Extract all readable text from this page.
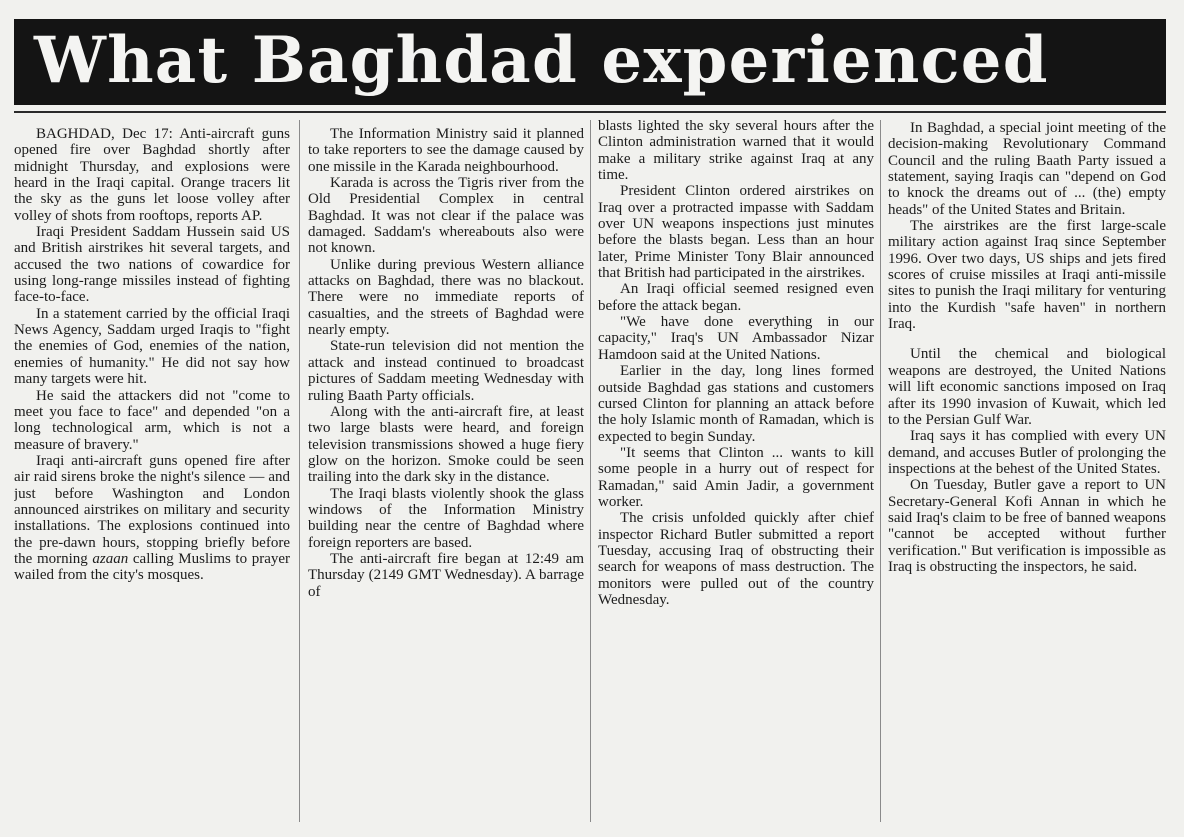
What Baghdad experienced

BAGHDAD, Dec 17: Anti-aircraft guns opened fire over Baghdad shortly after midnight Thursday, and explosions were heard in the Iraqi capital. Orange tracers lit the sky as the guns let loose volley after volley of shots from rooftops, reports AP.

Iraqi President Saddam Hussein said US and British airstrikes hit several targets, and accused the two nations of cowardice for using long-range missiles instead of fighting face-to-face.

In a statement carried by the official Iraqi News Agency, Saddam urged Iraqis to "fight the enemies of God, enemies of the nation, enemies of humanity." He did not say how many targets were hit.

He said the attackers did not "come to meet you face to face" and depended "on a long technological arm, which is not a measure of bravery."

Iraqi anti-aircraft guns opened fire after air raid sirens broke the night's silence — and just before Washington and London announced airstrikes on military and security installations. The explosions continued into the pre-dawn hours, stopping briefly before the morning azaan calling Muslims to prayer wailed from the city's mosques.

The Information Ministry said it planned to take reporters to see the damage caused by one missile in the Karada neighbourhood.

Karada is across the Tigris river from the Old Presidential Complex in central Baghdad. It was not clear if the palace was damaged. Saddam's whereabouts also were not known.

Unlike during previous Western alliance attacks on Baghdad, there was no blackout. There were no immediate reports of casualties, and the streets of Baghdad were nearly empty.

State-run television did not mention the attack and instead continued to broadcast pictures of Saddam meeting Wednesday with ruling Baath Party officials.

Along with the anti-aircraft fire, at least two large blasts were heard, and foreign television transmissions showed a huge fiery glow on the horizon. Smoke could be seen trailing into the dark sky in the distance.

The Iraqi blasts violently shook the glass windows of the Information Ministry building near the centre of Baghdad where foreign reporters are based.

The anti-aircraft fire began at 12:49 am Thursday (2149 GMT Wednesday). A barrage of

blasts lighted the sky several hours after the Clinton administration warned that it would make a military strike against Iraq at any time.

President Clinton ordered airstrikes on Iraq over a protracted impasse with Saddam over UN weapons inspections just minutes before the blasts began. Less than an hour later, Prime Minister Tony Blair announced that British had participated in the airstrikes.

An Iraqi official seemed resigned even before the attack began.

"We have done everything in our capacity," Iraq's UN Ambassador Nizar Hamdoon said at the United Nations.

Earlier in the day, long lines formed outside Baghdad gas stations and customers cursed Clinton for planning an attack before the holy Islamic month of Ramadan, which is expected to begin Sunday.

"It seems that Clinton ... wants to kill some people in a hurry out of respect for Ramadan," said Amin Jadir, a government worker.

The crisis unfolded quickly after chief inspector Richard Butler submitted a report Tuesday, accusing Iraq of obstructing their search for weapons of mass destruction. The monitors were pulled out of the country Wednesday.

In Baghdad, a special joint meeting of the decision-making Revolutionary Command Council and the ruling Baath Party issued a statement, saying Iraqis can "depend on God to knock the dreams out of ... (the) empty heads" of the United States and Britain.

The airstrikes are the first large-scale military action against Iraq since September 1996. Over two days, US ships and jets fired scores of cruise missiles at Iraqi anti-missile sites to punish the Iraqi military for venturing into the Kurdish "safe haven" in northern Iraq.

Until the chemical and biological weapons are destroyed, the United Nations will lift economic sanctions imposed on Iraq after its 1990 invasion of Kuwait, which led to the Persian Gulf War.

Iraq says it has complied with every UN demand, and accuses Butler of prolonging the inspections at the behest of the United States.

On Tuesday, Butler gave a report to UN Secretary-General Kofi Annan in which he said Iraq's claim to be free of banned weapons "cannot be accepted without further verification." But verification is impossible as Iraq is obstructing the inspectors, he said.
